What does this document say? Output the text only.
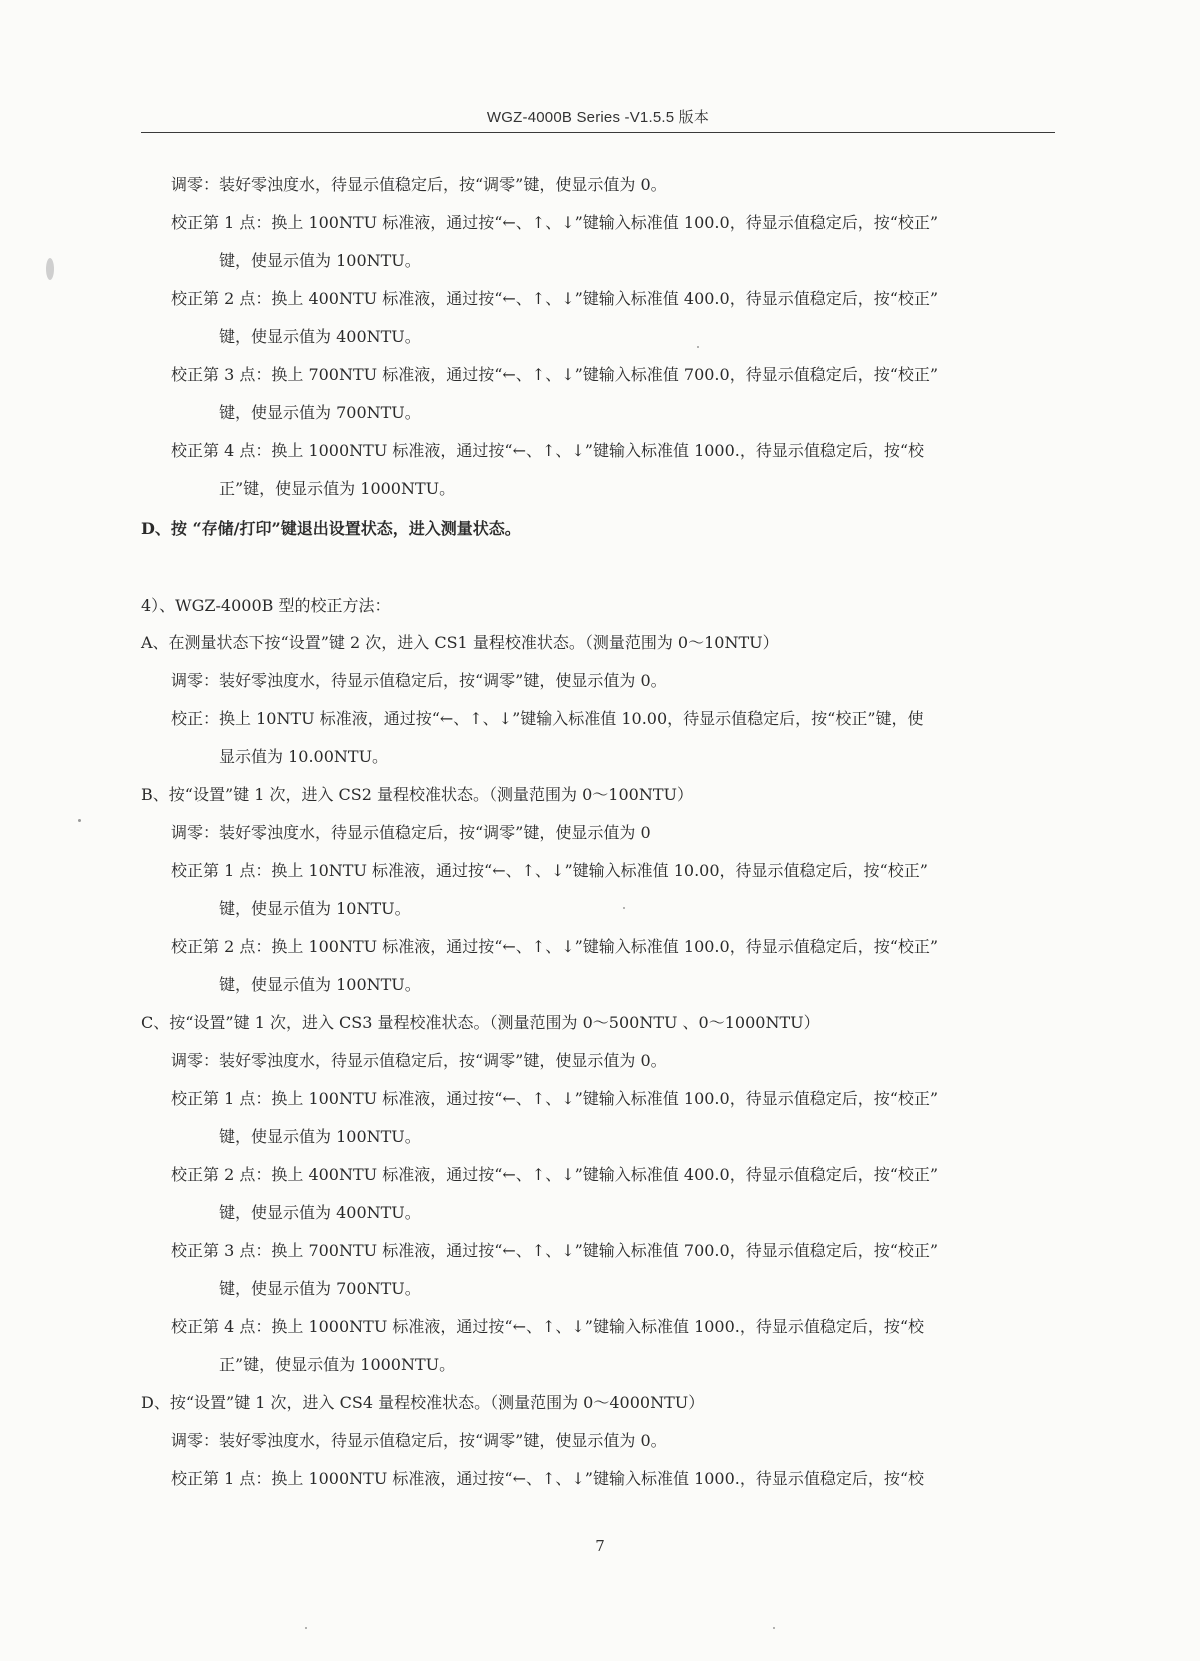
WGZ-4000B Series -V1.5.5 版本
调零：装好零浊度水，待显示值稳定后，按“调零”键，使显示值为 0。
校正第 1 点：换上 100NTU 标准液，通过按“←、↑、↓”键输入标准值 100.0，待显示值稳定后，按“校正”
键，使显示值为 100NTU。
校正第 2 点：换上 400NTU 标准液，通过按“←、↑、↓”键输入标准值 400.0，待显示值稳定后，按“校正”
键，使显示值为 400NTU。
校正第 3 点：换上 700NTU 标准液，通过按“←、↑、↓”键输入标准值 700.0，待显示值稳定后，按“校正”
键，使显示值为 700NTU。
校正第 4 点：换上 1000NTU 标准液，通过按“←、↑、↓”键输入标准值 1000.，待显示值稳定后，按“校
正”键，使显示值为 1000NTU。
D、按 “存储/打印”键退出设置状态，进入测量状态。
4）、WGZ-4000B 型的校正方法：
A、在测量状态下按“设置”键 2 次，进入 CS1 量程校准状态。（测量范围为 0～10NTU）
调零：装好零浊度水，待显示值稳定后，按“调零”键，使显示值为 0。
校正：换上 10NTU 标准液，通过按“←、↑、↓”键输入标准值 10.00，待显示值稳定后，按“校正”键，使
显示值为 10.00NTU。
B、按“设置”键 1 次，进入 CS2 量程校准状态。（测量范围为 0～100NTU）
调零：装好零浊度水，待显示值稳定后，按“调零”键，使显示值为 0
校正第 1 点：换上 10NTU 标准液，通过按“←、↑、↓”键输入标准值 10.00，待显示值稳定后，按“校正”
键，使显示值为 10NTU。
校正第 2 点：换上 100NTU 标准液，通过按“←、↑、↓”键输入标准值 100.0，待显示值稳定后，按“校正”
键，使显示值为 100NTU。
C、按“设置”键 1 次，进入 CS3 量程校准状态。（测量范围为 0～500NTU 、0～1000NTU）
调零：装好零浊度水，待显示值稳定后，按“调零”键，使显示值为 0。
校正第 1 点：换上 100NTU 标准液，通过按“←、↑、↓”键输入标准值 100.0，待显示值稳定后，按“校正”
键，使显示值为 100NTU。
校正第 2 点：换上 400NTU 标准液，通过按“←、↑、↓”键输入标准值 400.0，待显示值稳定后，按“校正”
键，使显示值为 400NTU。
校正第 3 点：换上 700NTU 标准液，通过按“←、↑、↓”键输入标准值 700.0，待显示值稳定后，按“校正”
键，使显示值为 700NTU。
校正第 4 点：换上 1000NTU 标准液，通过按“←、↑、↓”键输入标准值 1000.，待显示值稳定后，按“校
正”键，使显示值为 1000NTU。
D、按“设置”键 1 次，进入 CS4 量程校准状态。（测量范围为 0～4000NTU）
调零：装好零浊度水，待显示值稳定后，按“调零”键，使显示值为 0。
校正第 1 点：换上 1000NTU 标准液，通过按“←、↑、↓”键输入标准值 1000.，待显示值稳定后，按“校
7
